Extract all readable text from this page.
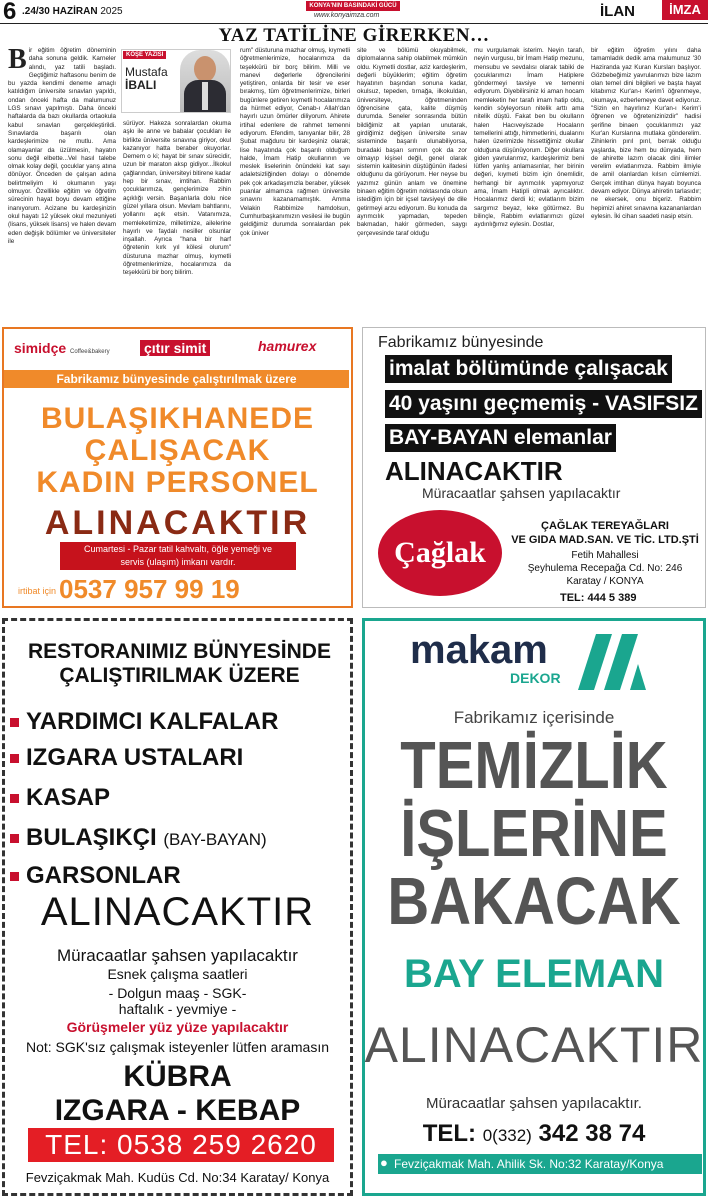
6 .24/30 HAZİRAN 2025	KONYA'NIN BASINDAKİ GÜCÜ
www.konyaimza.com	İLAN	İMZA
YAZ TATİLİNE GİRERKEN…
Bir eğitim öğretim döneminin daha sonuna geldik. Karneler alındı, yaz tatili başladı. Geçtiğimiz haftasonu benim de bu yazda kendimi deneme amaçlı katıldığım üniversite sınavları yapıldı, ondan önceki hafta da malumunuz LGS sınavı yapılmıştı. Daha önceki haftalarda da bazı okullarda ortaokula kabul sınavları gerçekleştirildi. Sınavlarda başarılı olan kardeşlerimize ne mutlu. Ama olamayanlar da üzülmesin, hayatın sonu değil elbette...Vel hasıl talebe olmak kolay değil, çocuklar yarış atına dönüyor. Önceden de çalışan adına belirtmeliyim ki okumanın yaşı olmuyor. Özellikle eğitim ve öğretim sürecinin hayat boyu devam ettiğine inanıyorum. Acizane bu kardeşinizin okul hayatı 12 yüksek okul mezuniyeti (lisans, yüksek lisans) ve halen devam eden değişik bölümler ve üniversiteler ile
sürüyor. Hakeza sonralardan okuma aşkı ile anne ve babalar çocukları ile birlikte üniversite sınavına giriyor, okul kazanıyor hatta beraber okuyorlar. Demem o ki; hayat bir sınav sürecidir, uzun bir maraton aksp gidiyor...İlkokul çağlarından, üniversiteyi bitirene kadar hep bir sınav, imtihan. Rabbim çocuklarımıza, gençlerimize zihin açıklığı versin. Başarılarla dolu nice güzel yıllara olsun. Mevlam bahtlarını, yollarını açık etsin. Vatanımıza, memleketimize, milletimize, ailelerine hayırlı ve faydalı nesiller olsunlar inşallah. Ayrıca "hana bir harf öğretenin kırk yıl kölesi olurum" düsturuna mazhar olmuş, kıymetli öğretmenlerimize, hocalarımıza da teşekkürü bir borç bilirim.
rum" düsturuna mazhar olmuş, kıymetli öğretmenlerimize, hocalarımıza da teşekkürü bir borç bilirim. Milli ve manevi değerlerle öğrencilerini yetiştiren, onlarda bir tesir ve eser bırakmış, tüm öğretmenlerimize, birleri bugünlere getiren kıymetli hocalarımıza da hürmet ediyor, Cenab-ı Allah'dan hayırlı uzun ömürler diliyorum. Ahirete irtihal edenlere de rahmet temenni ediyorum. Efendim, tanıyanlar bilir, 28 Şubat mağduru bir kardeşiniz olarak; lise hayatında çok başarılı olduğum halde, İmam Hatip okullarının ve meslek liselerinin önündeki kat sayı adaletsizliğinden dolayı o dönemde pek çok arkadaşımızla beraber, yüksek puanlar almamıza rağmen üniversite sınavını kazanamamıştık. Amma Velakin Rabbimize hamdolsun, Cumhurbaşkanımızın vesilesi ile bugün geldiğimiz durumda sonralardan pek çok üniver
site ve bölümü okuyabilmek, diplomalarına sahip olabilmek mümkün oldu. Kıymetli dostlar, aziz kardeşlerim, değerli büyüklerim; eğitim öğretim hayatının başından sonuna kadar, okulsuz, tepeden, tırnağa, ilkokuldan, üniversiteye, öğretmeninden öğrencisine çata, kalite düşmüş durumda. Seneler sonrasında bütün bildiğimiz alt yapıları unutarak, girdiğimiz değişen üniversite sınav sisteminde başarılı olunabiliyorsa, buradaki başarı sırrının çok da zor olmayıp kişisel değil, genel olarak sistemin kalitesinin düştüğünün ifadesi olduğunu da görüyorum. Her neyse bu yazımız günün anlam ve önemine binaen eğitim öğretim noktasında olsun istediğim için bir içsel tavsiyeyi de dile getirmeyi arzu ediyorum. Bu konuda da ayrımcılık yapmadan, tepeden bakmadan, hakir görmeden, saygı çerçevesinde taraf olduğu
mu vurgulamak isterim. Neyin tarafı, neyin vurgusu, bir İmam Hatip mezunu, mensubu ve sevdalısı olarak tabiki de çocuklarımızı İmam Hatiplere göndermeyi tavsiye ve temenni ediyorum. Diyebilirsiniz ki aman hocam memleketin her tarafı imam hatip oldu, kendin söyleyorsun nitelik arttı ama nitelik düştü. Fakat ben bu okulların halen Hacıveyiszade Hocaların temellerini attığı, himmetlerini, dualarını halen üzerimizde hissettiğimiz okullar olduğuna düşünüyorum. Diğer okullara giden yavrularımız, kardeşlerimiz beni lütfen yanlış anlamasınlar, her birinin değeri, kıymeti bizim için önemlidir, herhangi bir ayrımcılık yapmıyoruz ama, İmam Hatipli olmak ayrıcalıktır. Hocalarımız derdi ki; evlatlarım bizim sargımız beyaz, leke götürmez. Bu bilinçle, Rabbim evlatlarımızı güzel aydınlığımız eylesin. Dostlar,
bir eğitim öğretim yılını daha tamamladık dedik ama malumunuz '30 Haziranda yaz Kuran Kursları başlıyor. Gözbebeğimiz yavrularımızı bize lazım olan temel dini bilgileri ve başta hayat kitabımız Kur'an-ı Kerim'i öğrenmeye, okumaya, ezberlemeye davet ediyoruz. "Sizin en hayırlınız Kur'an-ı Kerim'i öğrenen ve öğretenizinizdir" hadisi şerifine binaen çocuklarımızı yaz Kur'an Kurslarına mutlaka gönderelim. Zihinlerin pırıl pırıl, berrak olduğu yaşlarda, bize hem bu dünyada, hem de ahirette lazım olacak dini ilimler verelim evlatlarımıza. Rabbim ilmiyle de amil olanlardan kılsın cümlemizi. Gerçek imtihan dünya hayatı boyunca devam ediyor. Dünya ahiretin tarlasıdır; ne ekersek, onu biçeriz. Rabbim hepimizi ahiret sınavına kazananlardan eylesin. İki cihan saadeti nasip etsin.
KÖŞE YAZISI
Mustafa
İBALI
simidçe Coffee&bakery çıtır simit	hamurex
Fabrikamız bünyesinde çalıştırılmak üzere
BULAŞIKHANEDE
ÇALIŞACAK
KADIN PERSONEL
ALINACAKTIR
Cumartesi - Pazar tatil kahvaltı, öğle yemeği ve
servis (ulaşım) imkanı vardır.
irtibat için 0537 957 99 19
Fabrikamız bünyesinde
imalat bölümünde çalışacak
40 yaşını geçmemiş - VASIFSIZ
BAY-BAYAN elemanlar
ALINACAKTIR
Müracaatlar şahsen yapılacaktır
Çağlak
ÇAĞLAK TEREYAĞLARI
VE GIDA MAD.SAN. VE TİC. LTD.ŞTİ
Fetih Mahallesi
Şeyhulema Recepağa Cd. No: 246
Karatay / KONYA
TEL: 444 5 389
RESTORANIMIZ BÜNYESİNDE
ÇALIŞTIRILMAK ÜZERE
YARDIMCI KALFALAR
IZGARA USTALARI
KASAP
BULAŞIKÇI (BAY-BAYAN)
GARSONLAR
ALINACAKTIR
Müracaatlar şahsen yapılacaktır
Esnek çalışma saatleri
- Dolgun maaş - SGK-
haftalık - yevmiye -
Görüşmeler yüz yüze yapılacaktır
Not: SGK'sız çalışmak isteyenler lütfen aramasın
KÜBRA
IZGARA - KEBAP
TEL: 0538 259 2620
Fevziçakmak Mah. Kudüs Cd. No:34 Karatay/ Konya
makam
DEKOR
Fabrikamız içerisinde
TEMİZLİK
İŞLERİNE
BAKACAK
BAY ELEMAN
ALINACAKTIR
Müracaatlar şahsen yapılacaktır.
TEL: 0(332) 342 38 74
Fevziçakmak Mah. Ahilik Sk. No:32 Karatay/Konya
●
